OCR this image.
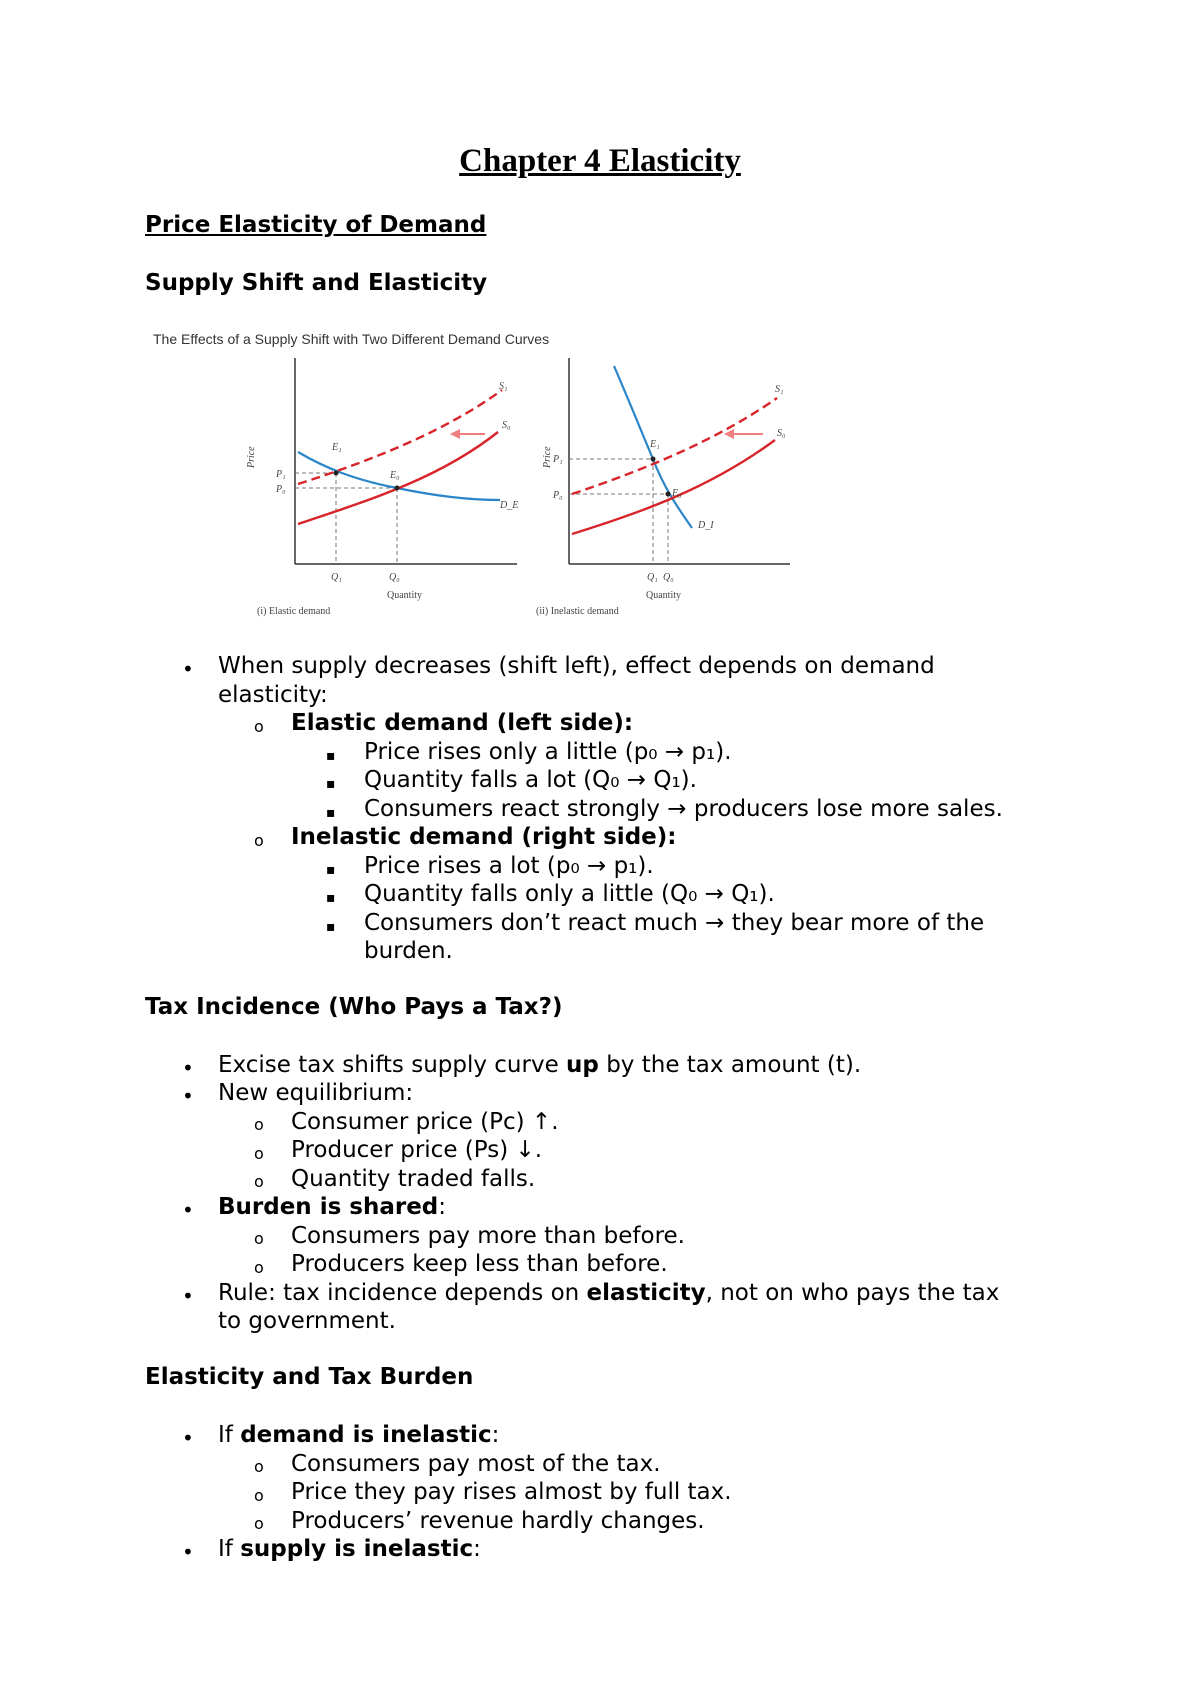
Chapter 4 Elasticity
Price Elasticity of Demand
Supply Shift and Elasticity
The Effects of a Supply Shift with Two Different Demand Curves
Price
P₁
P₀
E₁
E₀
D_E
S₁
S₀
Q₁	Q₀
Quantity
(i) Elastic demand
Price P₁
P₀
E₁
E₀
D_I
S₁
S₀
Q₁ Q₀
Quantity
(ii) Inelastic demand
• When supply decreases (shift left), effect depends on demand
elasticity:
o Elastic demand (left side):
▪ Price rises only a little (p₀ → p₁).
▪ Quantity falls a lot (Q₀ → Q₁).
▪ Consumers react strongly → producers lose more sales.
o Inelastic demand (right side):
▪ Price rises a lot (p₀ → p₁).
▪ Quantity falls only a little (Q₀ → Q₁).
▪ Consumers don’t react much → they bear more of the
burden.
Tax Incidence (Who Pays a Tax?)
• Excise tax shifts supply curve up by the tax amount (t).
• New equilibrium:
o Consumer price (Pc) ↑.
o Producer price (Ps) ↓.
o Quantity traded falls.
• Burden is shared:
o Consumers pay more than before.
o Producers keep less than before.
• Rule: tax incidence depends on elasticity, not on who pays the tax
to government.
Elasticity and Tax Burden
• If demand is inelastic:
o Consumers pay most of the tax.
o Price they pay rises almost by full tax.
o Producers’ revenue hardly changes.
• If supply is inelastic:
